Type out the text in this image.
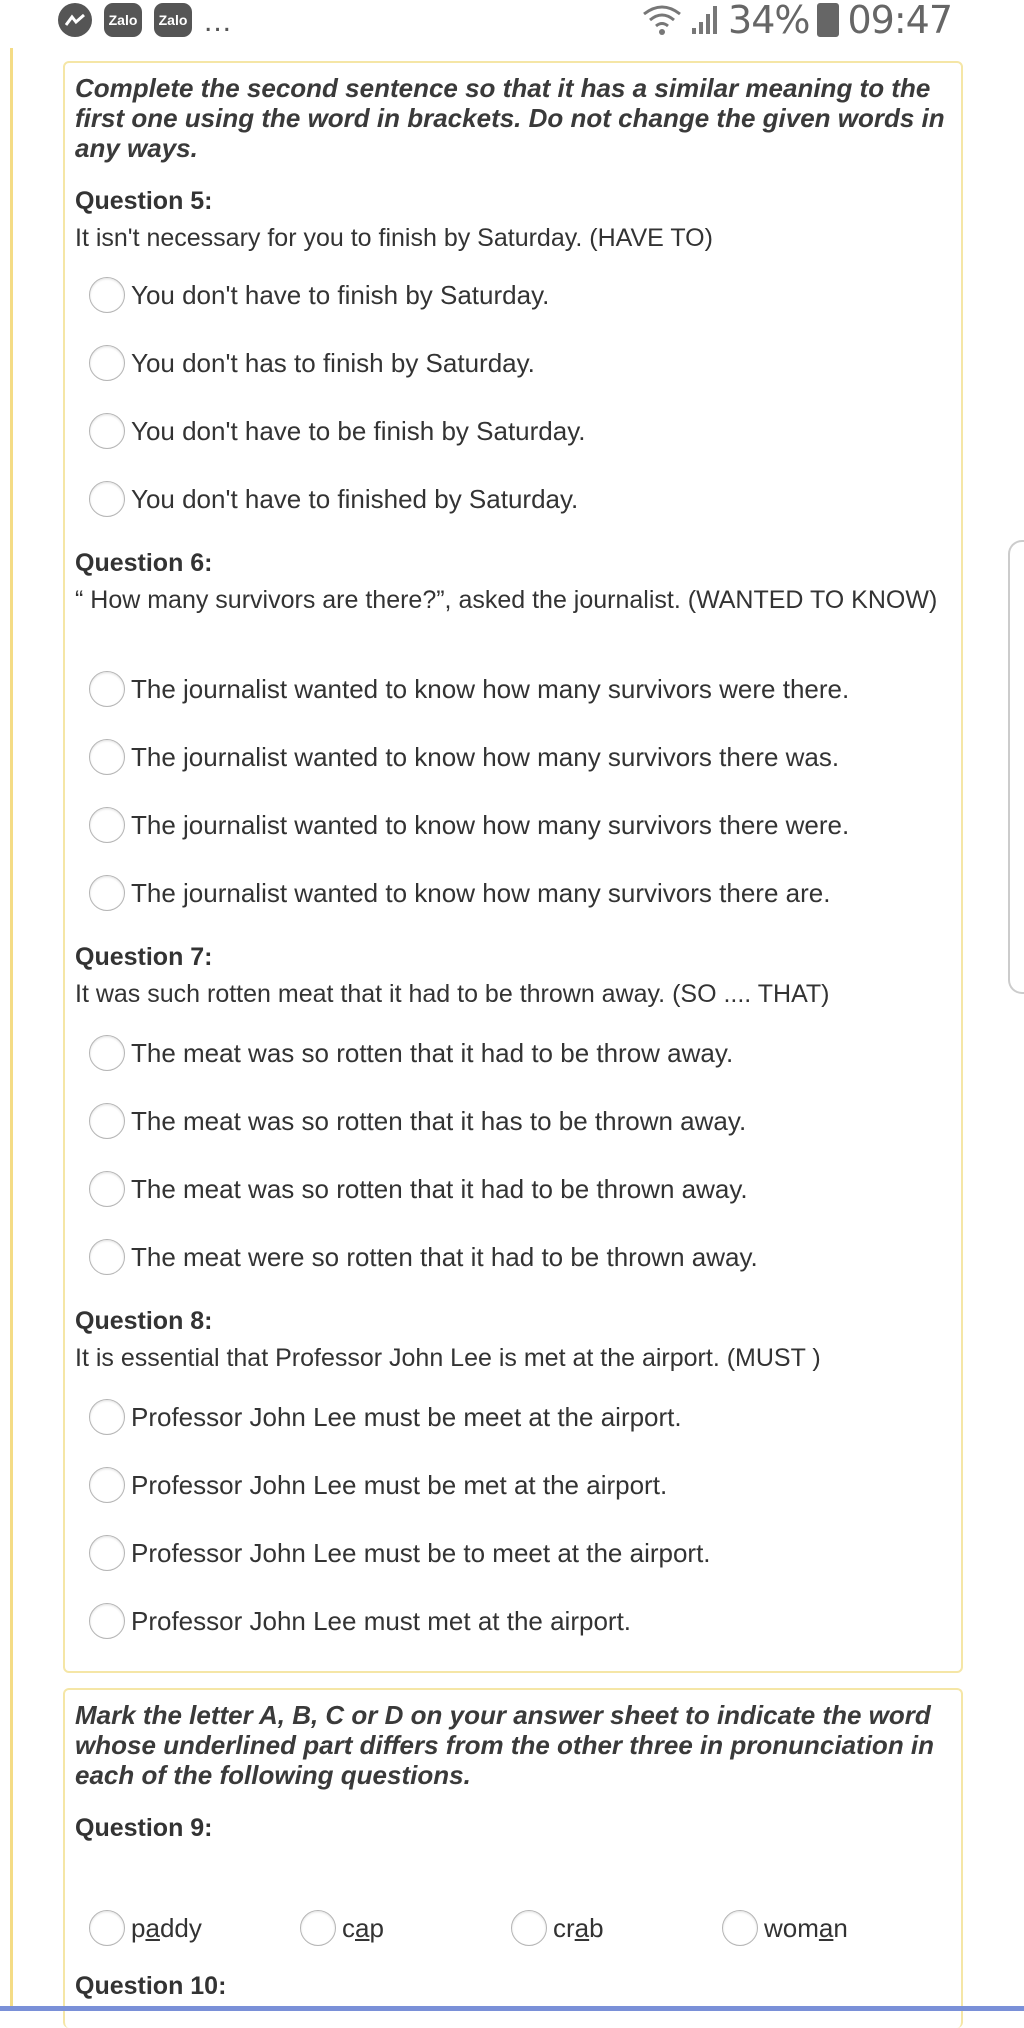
Zalo	Zalo ...	34% 09:47

Complete the second sentence so that it has a similar meaning to the first one using the word in brackets. Do not change the given words in any ways.

Question 5:
It isn't necessary for you to finish by Saturday. (HAVE TO)
You don't have to finish by Saturday.
You don't has to finish by Saturday.
You don't have to be finish by Saturday.
You don't have to finished by Saturday.
Question 6:
“ How many survivors are there?”, asked the journalist. (WANTED TO KNOW)
The journalist wanted to know how many survivors were there.
The journalist wanted to know how many survivors there was.
The journalist wanted to know how many survivors there were.
The journalist wanted to know how many survivors there are.
Question 7:
It was such rotten meat that it had to be thrown away. (SO .... THAT)
The meat was so rotten that it had to be throw away.
The meat was so rotten that it has to be thrown away.
The meat was so rotten that it had to be thrown away.
The meat were so rotten that it had to be thrown away.
Question 8:
It is essential that Professor John Lee is met at the airport. (MUST )
Professor John Lee must be meet at the airport.
Professor John Lee must be met at the airport.
Professor John Lee must be to meet at the airport.
Professor John Lee must met at the airport.

Mark the letter A, B, C or D on your answer sheet to indicate the word whose underlined part differs from the other three in pronunciation in each of the following questions.

Question 9:
paddy	cap	crab	woman
Question 10:
